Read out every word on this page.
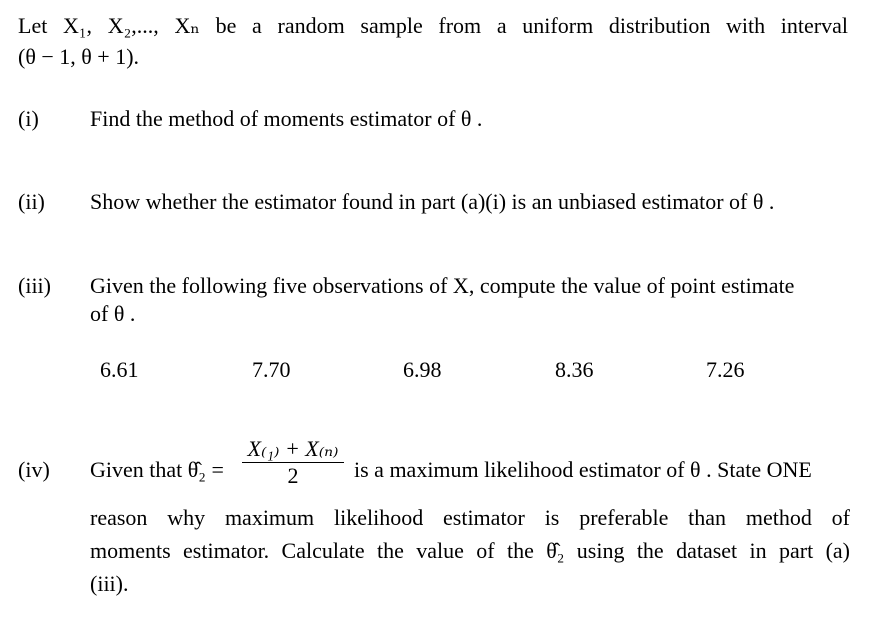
Let X₁, X₂,..., Xₙ be a random sample from a uniform distribution with interval
(θ − 1, θ + 1).
(i) Find the method of moments estimator of θ .
(ii) Show whether the estimator found in part (a)(i) is an unbiased estimator of θ .
(iii) Given the following five observations of X, compute the value of point estimate
of θ .
6.61	7.70	6.98	8.36	7.26
(iv) Given that θ̂₂ =
X₍₁₎ + X₍ₙ₎
2	is a maximum likelihood estimator of θ . State ONE
reason why maximum likelihood estimator is preferable than method of
moments estimator. Calculate the value of the θ̂₂ using the dataset in part (a)
(iii).
